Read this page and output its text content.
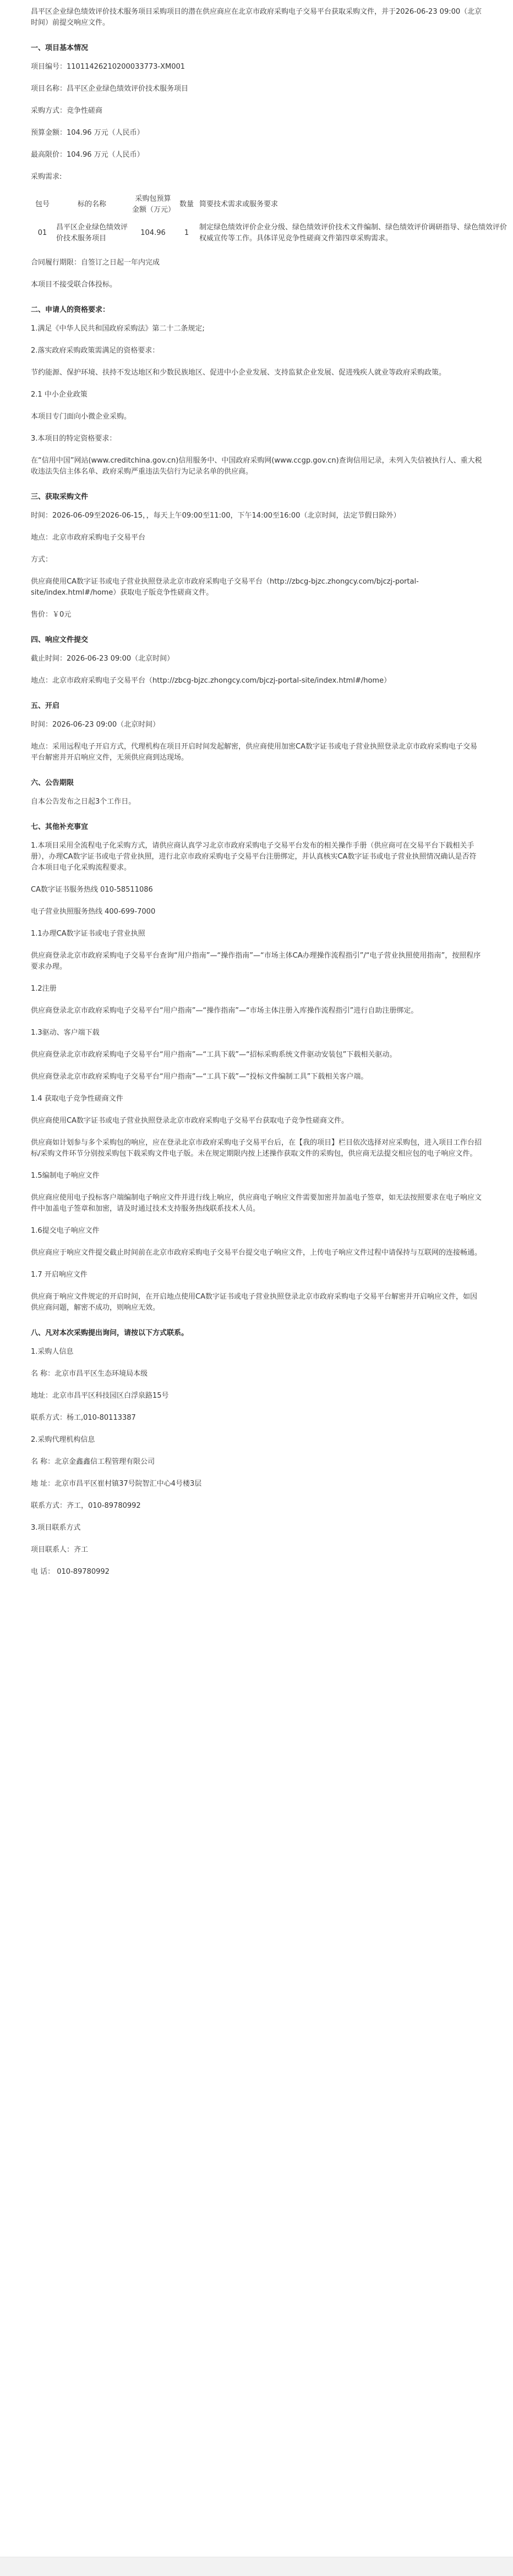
昌平区企业绿色绩效评价技术服务项目采购项目的潜在供应商应在北京市政府采购电子交易平台获取采购文件，并于2026-06-23 09:00（北京时间）前提交响应文件。

一、项目基本情况

项目编号：11011426210200033773-XM001

项目名称：昌平区企业绿色绩效评价技术服务项目

采购方式：竞争性磋商

预算金额：104.96 万元（人民币）

最高限价：104.96 万元（人民币）

采购需求:

包号	标的名称	采购包预算金额（万元）	数量	简要技术需求或服务要求
01	昌平区企业绿色绩效评价技术服务项目	104.96	1	制定绿色绩效评价企业分级、绿色绩效评价技术文件编制、绿色绩效评价调研指导、绿色绩效评价权威宣传等工作。具体详见竞争性磋商文件第四章采购需求。

合同履行期限：自签订之日起一年内完成

本项目不接受联合体投标。

二、申请人的资格要求：

1.满足《中华人民共和国政府采购法》第二十二条规定;

2.落实政府采购政策需满足的资格要求：

节约能源、保护环境、扶持不发达地区和少数民族地区、促进中小企业发展、支持监狱企业发展、促进残疾人就业等政府采购政策。

2.1 中小企业政策

本项目专门面向小微企业采购。

3.本项目的特定资格要求：

在“信用中国”网站(www.creditchina.gov.cn)信用服务中、中国政府采购网(www.ccgp.gov.cn)查询信用记录，未列入失信被执行人、重大税收违法失信主体名单、政府采购严重违法失信行为记录名单的供应商。

三、获取采购文件

时间：2026-06-09至2026-06-15，，每天上午09:00至11:00，下午14:00至16:00（北京时间，法定节假日除外）

地点：北京市政府采购电子交易平台

方式：

供应商使用CA数字证书或电子营业执照登录北京市政府采购电子交易平台（http://zbcg-bjzc.zhongcy.com/bjczj-portal-site/index.html#/home）获取电子版竞争性磋商文件。

售价：￥0元

四、响应文件提交

截止时间：2026-06-23 09:00（北京时间）

地点：北京市政府采购电子交易平台（http://zbcg-bjzc.zhongcy.com/bjczj-portal-site/index.html#/home）

五、开启

时间：2026-06-23 09:00（北京时间）

地点：采用远程电子开启方式，代理机构在项目开启时间发起解密，供应商使用加密CA数字证书或电子营业执照登录北京市政府采购电子交易平台解密并开启响应文件，无须供应商到达现场。

六、公告期限

自本公告发布之日起3个工作日。

七、其他补充事宜

1.本项目采用全流程电子化采购方式，请供应商认真学习北京市政府采购电子交易平台发布的相关操作手册（供应商可在交易平台下载相关手册），办理CA数字证书或电子营业执照，进行北京市政府采购电子交易平台注册绑定，并认真核实CA数字证书或电子营业执照情况确认是否符合本项目电子化采购流程要求。

CA数字证书服务热线 010-58511086

电子营业执照服务热线 400-699-7000

1.1办理CA数字证书或电子营业执照

供应商登录北京市政府采购电子交易平台查询“用户指南”—“操作指南”—“市场主体CA办理操作流程指引”/“电子营业执照使用指南”，按照程序要求办理。

1.2注册

供应商登录北京市政府采购电子交易平台“用户指南”—“操作指南”—“市场主体注册入库操作流程指引”进行自助注册绑定。

1.3驱动、客户端下载

供应商登录北京市政府采购电子交易平台“用户指南”—“工具下载”—“招标采购系统文件驱动安装包”下载相关驱动。

供应商登录北京市政府采购电子交易平台“用户指南”—“工具下载”—“投标文件编制工具”下载相关客户端。

1.4 获取电子竞争性磋商文件

供应商使用CA数字证书或电子营业执照登录北京市政府采购电子交易平台获取电子竞争性磋商文件。

供应商如计划参与多个采购包的响应，应在登录北京市政府采购电子交易平台后，在【我的项目】栏目依次选择对应采购包，进入项目工作台招标/采购文件环节分别按采购包下载采购文件电子版。未在规定期限内按上述操作获取文件的采购包，供应商无法提交相应包的电子响应文件。

1.5编制电子响应文件

供应商应使用电子投标客户端编制电子响应文件并进行线上响应，供应商电子响应文件需要加密并加盖电子签章，如无法按照要求在电子响应文件中加盖电子签章和加密，请及时通过技术支持服务热线联系技术人员。

1.6提交电子响应文件

供应商应于响应文件提交截止时间前在北京市政府采购电子交易平台提交电子响应文件，上传电子响应文件过程中请保持与互联网的连接畅通。

1.7 开启响应文件

供应商于响应文件规定的开启时间，在开启地点使用CA数字证书或电子营业执照登录北京市政府采购电子交易平台解密并开启响应文件，如因供应商问题，解密不成功，则响应无效。

八、凡对本次采购提出询问，请按以下方式联系。

1.采购人信息

名 称：北京市昌平区生态环境局本级

地址：北京市昌平区科技园区白浮泉路15号

联系方式：杨工,010-80113387

2.采购代理机构信息

名 称：北京金鑫鑫信工程管理有限公司

地 址：北京市昌平区崔村镇37号院智汇中心4号楼3层

联系方式：齐工，010-89780992

3.项目联系方式

项目联系人：齐工

电 话： 010-89780992
